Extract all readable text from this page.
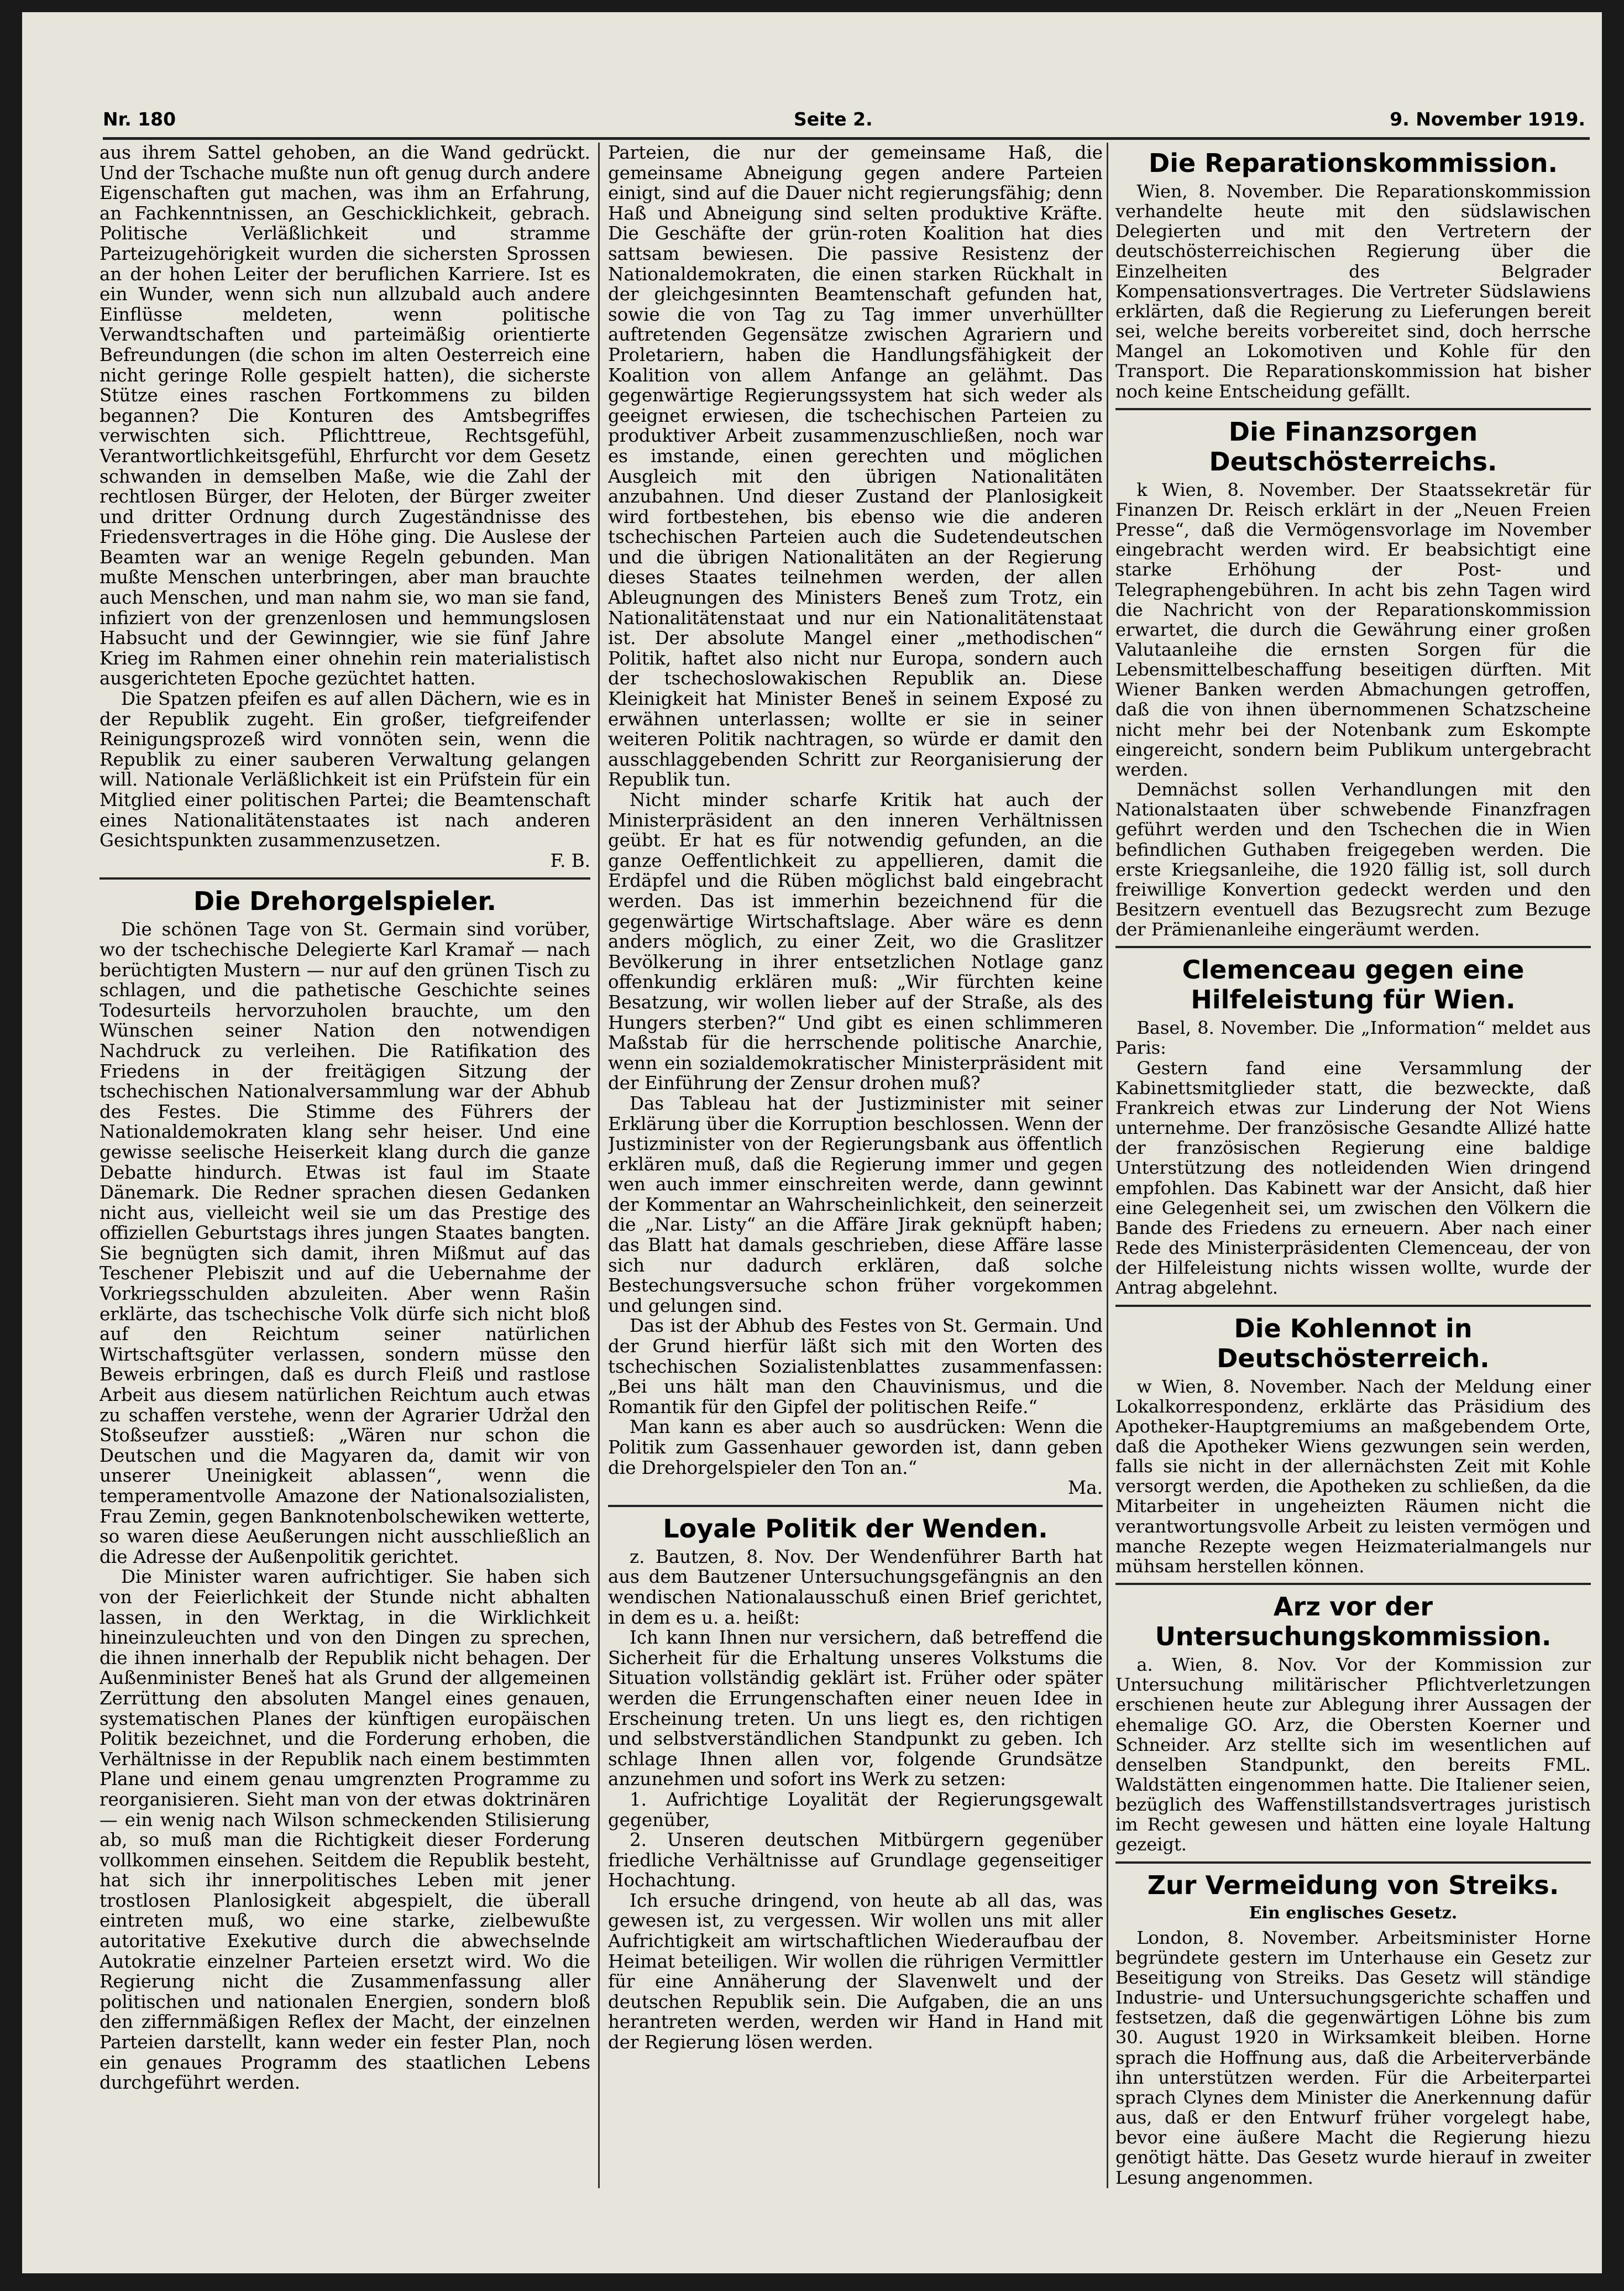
Nr. 180	Seite 2.	9. November 1919.

aus ihrem Sattel gehoben, an die Wand gedrückt. Und der Tschache mußte nun oft genug durch andere Eigenschaften gut machen, was ihm an Erfahrung, an Fachkenntnissen, an Geschicklichkeit, gebrach. Politische Verläßlichkeit und stramme Parteizugehörigkeit wurden die sichersten Sprossen an der hohen Leiter der beruflichen Karriere. Ist es ein Wunder, wenn sich nun allzubald auch andere Einflüsse meldeten, wenn politische Verwandtschaften und parteimäßig orientierte Befreundungen (die schon im alten Oesterreich eine nicht geringe Rolle gespielt hatten), die sicherste Stütze eines raschen Fortkommens zu bilden begannen? Die Konturen des Amtsbegriffes verwischten sich. Pflichttreue, Rechtsgefühl, Verantwortlichkeitsgefühl, Ehrfurcht vor dem Gesetz schwanden in demselben Maße, wie die Zahl der rechtlosen Bürger, der Heloten, der Bürger zweiter und dritter Ordnung durch Zugeständnisse des Friedensvertrages in die Höhe ging. Die Auslese der Beamten war an wenige Regeln gebunden. Man mußte Menschen unterbringen, aber man brauchte auch Menschen, und man nahm sie, wo man sie fand, infiziert von der grenzenlosen und hemmungslosen Habsucht und der Gewinngier, wie sie fünf Jahre Krieg im Rahmen einer ohnehin rein materialistisch ausgerichteten Epoche gezüchtet hatten.

Die Spatzen pfeifen es auf allen Dächern, wie es in der Republik zugeht. Ein großer, tiefgreifender Reinigungsprozeß wird vonnöten sein, wenn die Republik zu einer sauberen Verwaltung gelangen will. Nationale Verläßlichkeit ist ein Prüfstein für ein Mitglied einer politischen Partei; die Beamtenschaft eines Nationalitätenstaates ist nach anderen Gesichtspunkten zusammenzusetzen.

F. B.
Die Drehorgelspieler.

Die schönen Tage von St. Germain sind vorüber, wo der tschechische Delegierte Karl Kramař — nach berüchtigten Mustern — nur auf den grünen Tisch zu schlagen, und die pathetische Geschichte seines Todesurteils hervorzuholen brauchte, um den Wünschen seiner Nation den notwendigen Nachdruck zu verleihen. Die Ratifikation des Friedens in der freitägigen Sitzung der tschechischen Nationalversammlung war der Abhub des Festes. Die Stimme des Führers der Nationaldemokraten klang sehr heiser. Und eine gewisse seelische Heiserkeit klang durch die ganze Debatte hindurch. Etwas ist faul im Staate Dänemark. Die Redner sprachen diesen Gedanken nicht aus, vielleicht weil sie um das Prestige des offiziellen Geburtstags ihres jungen Staates bangten. Sie begnügten sich damit, ihren Mißmut auf das Teschener Plebiszit und auf die Uebernahme der Vorkriegsschulden abzuleiten. Aber wenn Rašin erklärte, das tschechische Volk dürfe sich nicht bloß auf den Reichtum seiner natürlichen Wirtschaftsgüter verlassen, sondern müsse den Beweis erbringen, daß es durch Fleiß und rastlose Arbeit aus diesem natürlichen Reichtum auch etwas zu schaffen verstehe, wenn der Agrarier Udržal den Stoßseufzer ausstieß: „Wären nur schon die Deutschen und die Magyaren da, damit wir von unserer Uneinigkeit ablassen“, wenn die temperamentvolle Amazone der Nationalsozialisten, Frau Zemin, gegen Banknotenbolschewiken wetterte, so waren diese Aeußerungen nicht ausschließlich an die Adresse der Außenpolitik gerichtet.

Die Minister waren aufrichtiger. Sie haben sich von der Feierlichkeit der Stunde nicht abhalten lassen, in den Werktag, in die Wirklichkeit hineinzuleuchten und von den Dingen zu sprechen, die ihnen innerhalb der Republik nicht behagen. Der Außenminister Beneš hat als Grund der allgemeinen Zerrüttung den absoluten Mangel eines genauen, systematischen Planes der künftigen europäischen Politik bezeichnet, und die Forderung erhoben, die Verhältnisse in der Republik nach einem bestimmten Plane und einem genau umgrenzten Programme zu reorganisieren. Sieht man von der etwas doktrinären — ein wenig nach Wilson schmeckenden Stilisierung ab, so muß man die Richtigkeit dieser Forderung vollkommen einsehen. Seitdem die Republik besteht, hat sich ihr innerpolitisches Leben mit jener trostlosen Planlosigkeit abgespielt, die überall eintreten muß, wo eine starke, zielbewußte autoritative Exekutive durch die abwechselnde Autokratie einzelner Parteien ersetzt wird. Wo die Regierung nicht die Zusammenfassung aller politischen und nationalen Energien, sondern bloß den ziffernmäßigen Reflex der Macht, der einzelnen Parteien darstellt, kann weder ein fester Plan, noch ein genaues Programm des staatlichen Lebens durchgeführt werden.

Parteien, die nur der gemeinsame Haß, die gemeinsame Abneigung gegen andere Parteien einigt, sind auf die Dauer nicht regierungsfähig; denn Haß und Abneigung sind selten produktive Kräfte. Die Geschäfte der grün-roten Koalition hat dies sattsam bewiesen. Die passive Resistenz der Nationaldemokraten, die einen starken Rückhalt in der gleichgesinnten Beamtenschaft gefunden hat, sowie die von Tag zu Tag immer unverhüllter auftretenden Gegensätze zwischen Agrariern und Proletariern, haben die Handlungsfähigkeit der Koalition von allem Anfange an gelähmt. Das gegenwärtige Regierungssystem hat sich weder als geeignet erwiesen, die tschechischen Parteien zu produktiver Arbeit zusammenzuschließen, noch war es imstande, einen gerechten und möglichen Ausgleich mit den übrigen Nationalitäten anzubahnen. Und dieser Zustand der Planlosigkeit wird fortbestehen, bis ebenso wie die anderen tschechischen Parteien auch die Sudetendeutschen und die übrigen Nationalitäten an der Regierung dieses Staates teilnehmen werden, der allen Ableugnungen des Ministers Beneš zum Trotz, ein Nationalitätenstaat und nur ein Nationalitätenstaat ist. Der absolute Mangel einer „methodischen“ Politik, haftet also nicht nur Europa, sondern auch der tschechoslowakischen Republik an. Diese Kleinigkeit hat Minister Beneš in seinem Exposé zu erwähnen unterlassen; wollte er sie in seiner weiteren Politik nachtragen, so würde er damit den ausschlaggebenden Schritt zur Reorganisierung der Republik tun.

Nicht minder scharfe Kritik hat auch der Ministerpräsident an den inneren Verhältnissen geübt. Er hat es für notwendig gefunden, an die ganze Oeffentlichkeit zu appellieren, damit die Erdäpfel und die Rüben möglichst bald eingebracht werden. Das ist immerhin bezeichnend für die gegenwärtige Wirtschaftslage. Aber wäre es denn anders möglich, zu einer Zeit, wo die Graslitzer Bevölkerung in ihrer entsetzlichen Notlage ganz offenkundig erklären muß: „Wir fürchten keine Besatzung, wir wollen lieber auf der Straße, als des Hungers sterben?“ Und gibt es einen schlimmeren Maßstab für die herrschende politische Anarchie, wenn ein sozialdemokratischer Ministerpräsident mit der Einführung der Zensur drohen muß?

Das Tableau hat der Justizminister mit seiner Erklärung über die Korruption beschlossen. Wenn der Justizminister von der Regierungsbank aus öffentlich erklären muß, daß die Regierung immer und gegen wen auch immer einschreiten werde, dann gewinnt der Kommentar an Wahrscheinlichkeit, den seinerzeit die „Nar. Listy“ an die Affäre Jirak geknüpft haben; das Blatt hat damals geschrieben, diese Affäre lasse sich nur dadurch erklären, daß solche Bestechungsversuche schon früher vorgekommen und gelungen sind.

Das ist der Abhub des Festes von St. Germain. Und der Grund hierfür läßt sich mit den Worten des tschechischen Sozialistenblattes zusammenfassen: „Bei uns hält man den Chauvinismus, und die Romantik für den Gipfel der politischen Reife.“

Man kann es aber auch so ausdrücken: Wenn die Politik zum Gassenhauer geworden ist, dann geben die Drehorgelspieler den Ton an.“

Ma.
Loyale Politik der Wenden.

z. Bautzen, 8. Nov. Der Wendenführer Barth hat aus dem Bautzener Untersuchungsgefängnis an den wendischen Nationalausschuß einen Brief gerichtet, in dem es u. a. heißt:

Ich kann Ihnen nur versichern, daß betreffend die Sicherheit für die Erhaltung unseres Volkstums die Situation vollständig geklärt ist. Früher oder später werden die Errungenschaften einer neuen Idee in Erscheinung treten. Un uns liegt es, den richtigen und selbstverständlichen Standpunkt zu geben. Ich schlage Ihnen allen vor, folgende Grundsätze anzunehmen und sofort ins Werk zu setzen:

1. Aufrichtige Loyalität der Regierungsgewalt gegenüber,

2. Unseren deutschen Mitbürgern gegenüber friedliche Verhältnisse auf Grundlage gegenseitiger Hochachtung.

Ich ersuche dringend, von heute ab all das, was gewesen ist, zu vergessen. Wir wollen uns mit aller Aufrichtigkeit am wirtschaftlichen Wiederaufbau der Heimat beteiligen. Wir wollen die rührigen Vermittler für eine Annäherung der Slavenwelt und der deutschen Republik sein. Die Aufgaben, die an uns herantreten werden, werden wir Hand in Hand mit der Regierung lösen werden.

Die Reparationskommission.

Wien, 8. November. Die Reparationskommission verhandelte heute mit den südslawischen Delegierten und mit den Vertretern der deutschösterreichischen Regierung über die Einzelheiten des Belgrader Kompensationsvertrages. Die Vertreter Südslawiens erklärten, daß die Regierung zu Lieferungen bereit sei, welche bereits vorbereitet sind, doch herrsche Mangel an Lokomotiven und Kohle für den Transport. Die Reparationskommission hat bisher noch keine Entscheidung gefällt.

Die Finanzsorgen Deutschösterreichs.

k Wien, 8. November. Der Staatssekretär für Finanzen Dr. Reisch erklärt in der „Neuen Freien Presse“, daß die Vermögensvorlage im November eingebracht werden wird. Er beabsichtigt eine starke Erhöhung der Post- und Telegraphengebühren. In acht bis zehn Tagen wird die Nachricht von der Reparationskommission erwartet, die durch die Gewährung einer großen Valutaanleihe die ernsten Sorgen für die Lebensmittelbeschaffung beseitigen dürften. Mit Wiener Banken werden Abmachungen getroffen, daß die von ihnen übernommenen Schatzscheine nicht mehr bei der Notenbank zum Eskompte eingereicht, sondern beim Publikum untergebracht werden.

Demnächst sollen Verhandlungen mit den Nationalstaaten über schwebende Finanzfragen geführt werden und den Tschechen die in Wien befindlichen Guthaben freigegeben werden. Die erste Kriegsanleihe, die 1920 fällig ist, soll durch freiwillige Konvertion gedeckt werden und den Besitzern eventuell das Bezugsrecht zum Bezuge der Prämienanleihe eingeräumt werden.

Clemenceau gegen eine Hilfeleistung für Wien.

Basel, 8. November. Die „Information“ meldet aus Paris:

Gestern fand eine Versammlung der Kabinettsmitglieder statt, die bezweckte, daß Frankreich etwas zur Linderung der Not Wiens unternehme. Der französische Gesandte Allizé hatte der französischen Regierung eine baldige Unterstützung des notleidenden Wien dringend empfohlen. Das Kabinett war der Ansicht, daß hier eine Gelegenheit sei, um zwischen den Völkern die Bande des Friedens zu erneuern. Aber nach einer Rede des Ministerpräsidenten Clemenceau, der von der Hilfeleistung nichts wissen wollte, wurde der Antrag abgelehnt.

Die Kohlennot in Deutschösterreich.

w Wien, 8. November. Nach der Meldung einer Lokalkorrespondenz, erklärte das Präsidium des Apotheker-Hauptgremiums an maßgebendem Orte, daß die Apotheker Wiens gezwungen sein werden, falls sie nicht in der allernächsten Zeit mit Kohle versorgt werden, die Apotheken zu schließen, da die Mitarbeiter in ungeheizten Räumen nicht die verantwortungsvolle Arbeit zu leisten vermögen und manche Rezepte wegen Heizmaterialmangels nur mühsam herstellen können.

Arz vor der Untersuchungskommission.

a. Wien, 8. Nov. Vor der Kommission zur Untersuchung militärischer Pflichtverletzungen erschienen heute zur Ablegung ihrer Aussagen der ehemalige GO. Arz, die Obersten Koerner und Schneider. Arz stellte sich im wesentlichen auf denselben Standpunkt, den bereits FML. Waldstätten eingenommen hatte. Die Italiener seien, bezüglich des Waffenstillstandsvertrages juristisch im Recht gewesen und hätten eine loyale Haltung gezeigt.

Zur Vermeidung von Streiks.
Ein englisches Gesetz.

London, 8. November. Arbeitsminister Horne begründete gestern im Unterhause ein Gesetz zur Beseitigung von Streiks. Das Gesetz will ständige Industrie- und Untersuchungsgerichte schaffen und festsetzen, daß die gegenwärtigen Löhne bis zum 30. August 1920 in Wirksamkeit bleiben. Horne sprach die Hoffnung aus, daß die Arbeiterverbände ihn unterstützen werden. Für die Arbeiterpartei sprach Clynes dem Minister die Anerkennung dafür aus, daß er den Entwurf früher vorgelegt habe, bevor eine äußere Macht die Regierung hiezu genötigt hätte. Das Gesetz wurde hierauf in zweiter Lesung angenommen.
